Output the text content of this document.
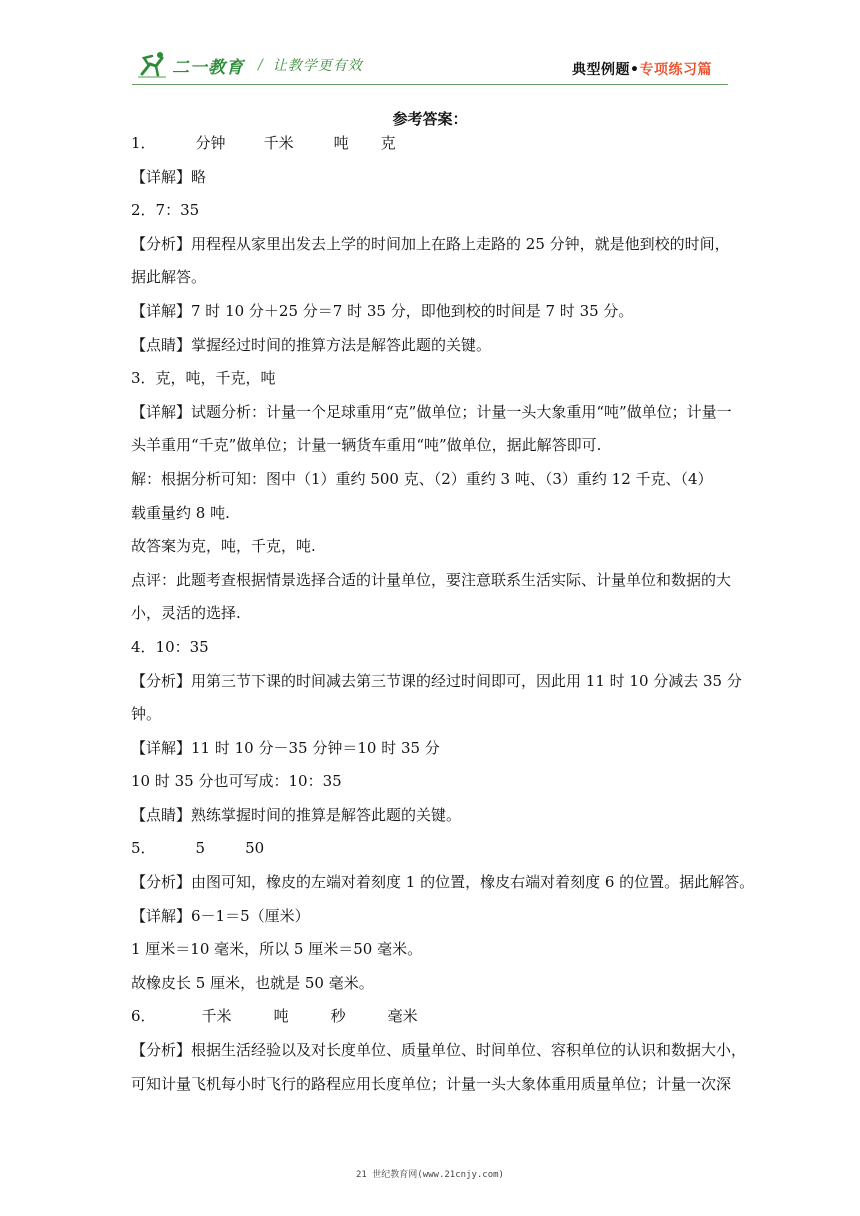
二一教育 / 让教学更有效	典型例题•专项练习篇
参考答案：
1．	分钟	千米	吨 克
【详解】略
2．7：35
【分析】用程程从家里出发去上学的时间加上在路上走路的 25 分钟，就是他到校的时间，
据此解答。
【详解】7 时 10 分＋25 分＝7 时 35 分，即他到校的时间是 7 时 35 分。
【点睛】掌握经过时间的推算方法是解答此题的关键。
3．克，吨，千克，吨
【详解】试题分析：计量一个足球重用“克”做单位；计量一头大象重用“吨”做单位；计量一
头羊重用“千克”做单位；计量一辆货车重用“吨”做单位，据此解答即可.
解：根据分析可知：图中（1）重约 500 克、（2）重约 3 吨、（3）重约 12 千克、（4）
载重量约 8 吨.
故答案为克，吨，千克，吨.
点评：此题考查根据情景选择合适的计量单位，要注意联系生活实际、计量单位和数据的大
小，灵活的选择.
4．10：35
【分析】用第三节下课的时间减去第三节课的经过时间即可，因此用 11 时 10 分减去 35 分
钟。
【详解】11 时 10 分－35 分钟＝10 时 35 分
10 时 35 分也可写成：10：35
【点睛】熟练掌握时间的推算是解答此题的关键。
5．	5	50
【分析】由图可知，橡皮的左端对着刻度 1 的位置，橡皮右端对着刻度 6 的位置。据此解答。
【详解】6－1＝5（厘米）
1 厘米＝10 毫米，所以 5 厘米＝50 毫米。
故橡皮长 5 厘米，也就是 50 毫米。
6．	千米	吨	秒	毫米
【分析】根据生活经验以及对长度单位、质量单位、时间单位、容积单位的认识和数据大小，
可知计量飞机每小时飞行的路程应用长度单位；计量一头大象体重用质量单位；计量一次深
21 世纪教育网(www.21cnjy.com)
